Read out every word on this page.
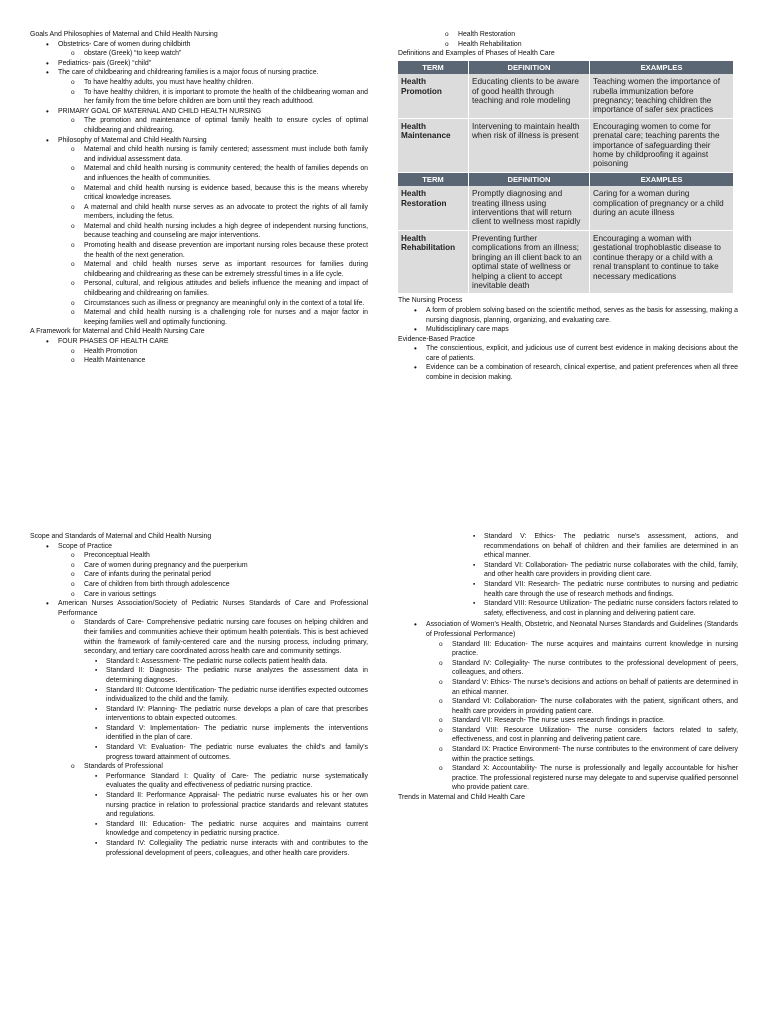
Goals And Philosophies of Maternal and Child Health Nursing

• Obstetrics- Care of women during childbirth
o obstare (Greek) “to keep watch”
• Pediatrics- pais (Greek) “child”
• The care of childbearing and childrearing families is a major focus of nursing practice.
o To have healthy adults, you must have healthy children.
o To have healthy children, it is important to promote the health of the childbearing woman and her family from the time before children are born until they reach adulthood.
• PRIMARY GOAL OF MATERNAL AND CHILD HEALTH NURSING
o The promotion and maintenance of optimal family health to ensure cycles of optimal childbearing and childrearing.
• Philosophy of Maternal and Child Health Nursing
o Maternal and child health nursing is family centered; assessment must include both family and individual assessment data.
o Maternal and child health nursing is community centered; the health of families depends on and influences the health of communities.
o Maternal and child health nursing is evidence based, because this is the means whereby critical knowledge increases.
o A maternal and child health nurse serves as an advocate to protect the rights of all family members, including the fetus.
o Maternal and child health nursing includes a high degree of independent nursing functions, because teaching and counseling are major interventions.
o Promoting health and disease prevention are important nursing roles because these protect the health of the next generation.
o Maternal and child health nurses serve as important resources for families during childbearing and childrearing as these can be extremely stressful times in a life cycle.
o Personal, cultural, and religious attitudes and beliefs influence the meaning and impact of childbearing and childrearing on families.
o Circumstances such as illness or pregnancy are meaningful only in the context of a total life.
o Maternal and child health nursing is a challenging role for nurses and a major factor in keeping families well and optimally functioning.

A Framework for Maternal and Child Health Nursing Care

• FOUR PHASES OF HEALTH CARE
o Health Promotion
o Health Maintenance
o Health Restoration
o Health Rehabilitation

Definitions and Examples of Phases of Health Care

TERM	DEFINITION	EXAMPLES
Health Promotion	Educating clients to be aware of good health through teaching and role modeling	Teaching women the importance of rubella immunization before pregnancy; teaching children the importance of safer sex practices
Health Maintenance	Intervening to maintain health when risk of illness is present	Encouraging women to come for prenatal care; teaching parents the importance of safeguarding their home by childproofing it against poisoning
TERM	DEFINITION	EXAMPLES
Health Restoration	Promptly diagnosing and treating illness using interventions that will return client to wellness most rapidly	Caring for a woman during complication of pregnancy or a child during an acute illness
Health Rehabilitation	Preventing further complications from an illness; bringing an ill client back to an optimal state of wellness or helping a client to accept inevitable death	Encouraging a woman with gestational trophoblastic disease to continue therapy or a child with a renal transplant to continue to take necessary medications

The Nursing Process

• A form of problem solving based on the scientific method, serves as the basis for assessing, making a nursing diagnosis, planning, organizing, and evaluating care.
• Multidisciplinary care maps

Evidence-Based Practice

• The conscientious, explicit, and judicious use of current best evidence in making decisions about the care of patients.
• Evidence can be a combination of research, clinical expertise, and patient preferences when all three combine in decision making.

Scope and Standards of Maternal and Child Health Nursing

• Scope of Practice
o Preconceptual Health
o Care of women during pregnancy and the puerperium
o Care of infants during the perinatal period
o Care of children from birth through adolescence
o Care in various settings
• American Nurses Association/Society of Pediatric Nurses Standards of Care and Professional Performance
o Standards of Care- Comprehensive pediatric nursing care focuses on helping children and their families and communities achieve their optimum health potentials. This is best achieved within the framework of family-centered care and the nursing process, including primary, secondary, and tertiary care coordinated across health care and community settings.
▪ Standard I: Assessment- The pediatric nurse collects patient health data.
▪ Standard II: Diagnosis- The pediatric nurse analyzes the assessment data in determining diagnoses.
▪ Standard III: Outcome Identification- The pediatric nurse identifies expected outcomes individualized to the child and the family.
▪ Standard IV: Planning- The pediatric nurse develops a plan of care that prescribes interventions to obtain expected outcomes.
▪ Standard V: Implementation- The pediatric nurse implements the interventions identified in the plan of care.
▪ Standard VI: Evaluation- The pediatric nurse evaluates the child's and family's progress toward attainment of outcomes.
o Standards of Professional
▪ Performance Standard I: Quality of Care- The pediatric nurse systematically evaluates the quality and effectiveness of pediatric nursing practice.
▪ Standard II: Performance Appraisal- The pediatric nurse evaluates his or her own nursing practice in relation to professional practice standards and relevant statutes and regulations.
▪ Standard III: Education- The pediatric nurse acquires and maintains current knowledge and competency in pediatric nursing practice.
▪ Standard IV: Collegiality The pediatric nurse interacts with and contributes to the professional development of peers, colleagues, and other health care providers.
▪ Standard V: Ethics- The pediatric nurse's assessment, actions, and recommendations on behalf of children and their families are determined in an ethical manner.
▪ Standard VI: Collaboration- The pediatric nurse collaborates with the child, family, and other health care providers in providing client care.
▪ Standard VII: Research- The pediatric nurse contributes to nursing and pediatric health care through the use of research methods and findings.
▪ Standard VIII: Resource Utilization- The pediatric nurse considers factors related to safety, effectiveness, and cost in planning and delivering patient care.
• Association of Women's Health, Obstetric, and Neonatal Nurses Standards and Guidelines (Standards of Professional Performance)
o Standard III: Education- The nurse acquires and maintains current knowledge in nursing practice.
o Standard IV: Collegiality- The nurse contributes to the professional development of peers, colleagues, and others.
o Standard V: Ethics- The nurse's decisions and actions on behalf of patients are determined in an ethical manner.
o Standard VI: Collaboration- The nurse collaborates with the patient, significant others, and health care providers in providing patient care.
o Standard VII: Research- The nurse uses research findings in practice.
o Standard VIII: Resource Utilization- The nurse considers factors related to safety, effectiveness, and cost in planning and delivering patient care.
o Standard IX: Practice Environment- The nurse contributes to the environment of care delivery within the practice settings.
o Standard X: Accountability- The nurse is professionally and legally accountable for his/her practice. The professional registered nurse may delegate to and supervise qualified personnel who provide patient care.

Trends in Maternal and Child Health Care
